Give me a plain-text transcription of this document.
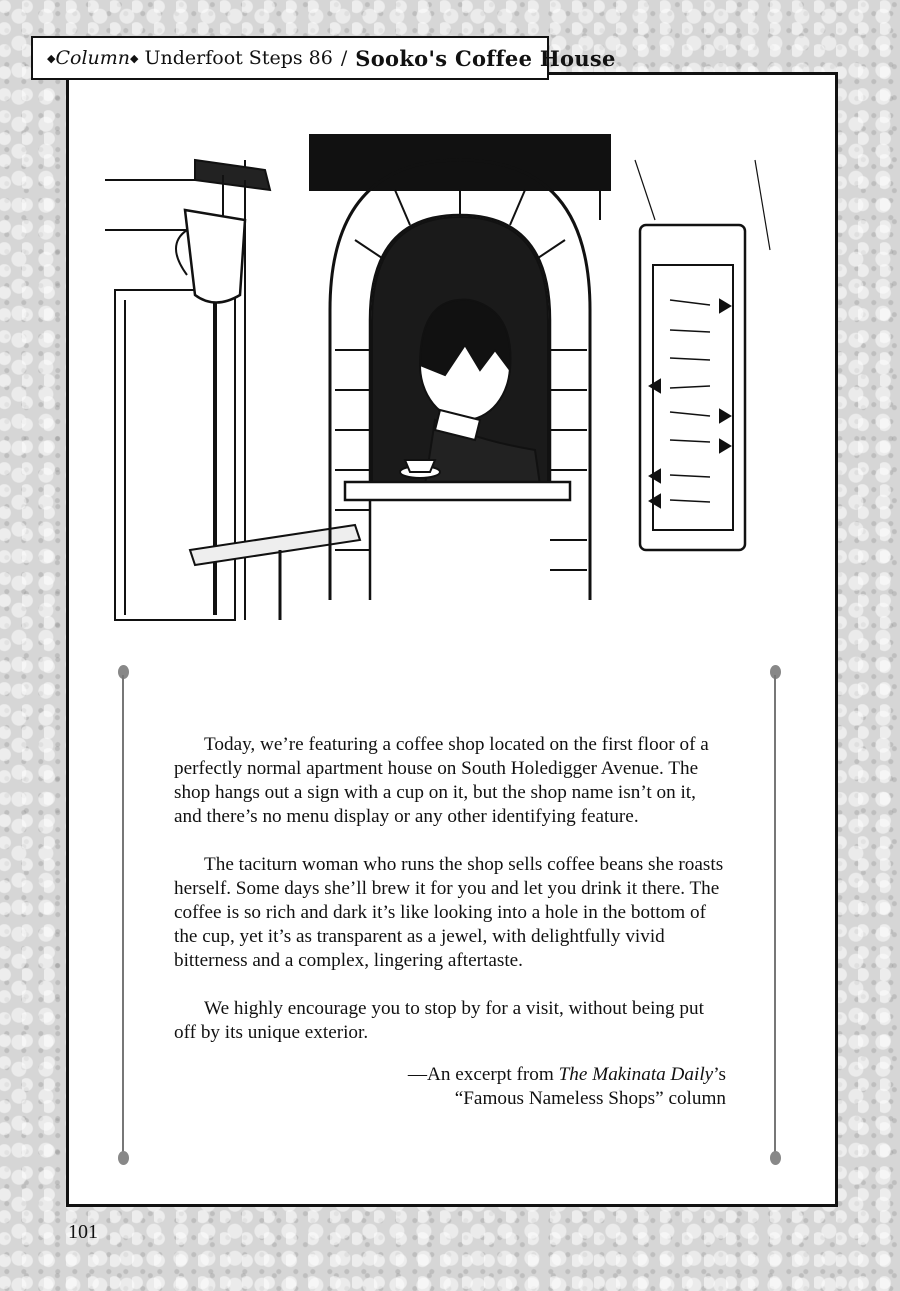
◆ Column ◆ Underfoot Steps 86 / Sooko's Coffee House

Today, we’re featuring a coffee shop located on the first floor of a perfectly normal apartment house on South Holedigger Avenue. The shop hangs out a sign with a cup on it, but the shop name isn’t on it, and there’s no menu display or any other identifying feature.

The taciturn woman who runs the shop sells coffee beans she roasts herself. Some days she’ll brew it for you and let you drink it there. The coffee is so rich and dark it’s like looking into a hole in the bottom of the cup, yet it’s as transparent as a jewel, with delightfully vivid bitterness and a complex, lingering aftertaste.

We highly encourage you to stop by for a visit, without being put off by its unique exterior.

—An excerpt from The Makinata Daily’s
“Famous Nameless Shops” column
101
